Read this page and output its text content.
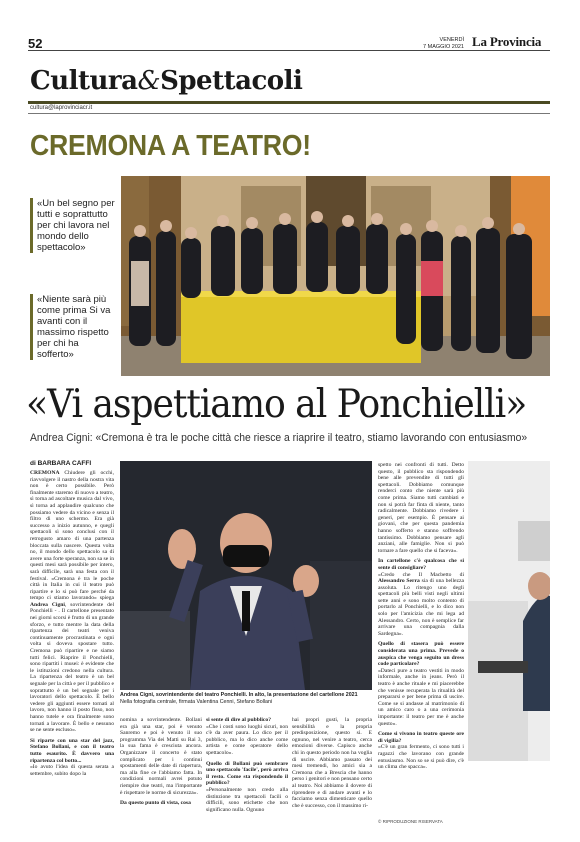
52	VENERDÌ
7 MAGGIO 2021 La Provincia
Cultura&Spettacoli
cultura@laprovinciacr.it
CREMONA A TEATRO!
«Un bel segno per tutti e soprattutto per chi lavora nel mondo dello spettacolo»
«Niente sarà più come prima Si va avanti con il massimo rispetto per chi ha sofferto»
«Vi aspettiamo al Ponchielli»
Andrea Cigni: «Cremona è tra le poche città che riesce a riaprire il teatro, stiamo lavorando con entusiasmo»
di BARBARA CAFFI
CREMONA Chiudere gli occhi, riavvolgere il nastro della nostra vita non è certo possibile. Però finalmente staremo di nuovo a teatro, sì torna ad ascoltare musica dal vivo, sì torna ad applaudire qualcuno che possiamo vedere da vicino e senza il filtro di uno schermo. Era già successo a inizio autunno, e quegli spettacoli sì sono conclusi con il retrogusto amaro di una partenza bloccata sulla nascere. Questa volta no, il mondo dello spettacolo sa di avere una forte speranza, non sa se in questi mesi sarà possibile per intero, sarà difficile, sarà una festa con il festival. «Cremona è tra le poche città in Italia in cui il teatro può ripartire e lo si può fare perché da tempo ci stiamo lavorando» spiega Andrea Cigni, sovrintendente del Ponchielli - . Il cartellone presentato nei giorni scorsi è frutto di un grande sforzo, e tutto mentre la data della ripartenza dei teatri veniva continuamente procrastinata e ogni volta si doveva spostare tutto. Cremona può ripartire e ne siamo tutti felici. Riaprire il Ponchielli, sono ripartiti i musei: è evidente che le istituzioni credono nella cultura. La ripartenza del teatro è un bel segnale per la città e per il pubblico e soprattutto è un bel segnale per i lavoratori dello spettacolo. È bello vedere gli aggiunti essere tornati al lavoro, non hanno il posto fisso, non hanno tutele e ora finalmente sono tornati a lavorare. È bello e nessuno se ne sente escluso».
Si riparte con una star del jazz, Stefano Bollani, e con il teatro tutto esaurito. È davvero una ripartenza col botto...
«Io avuto l'idea di questa serata a settembre, subito dopo la
Andrea Cigni, sovrintendente del teatro Ponchielli. In alto, la presentazione del cartellone 2021
Nella fotografia centrale, firmata Valentina Cenni, Stefano Bollani
nomina a sovrintendente. Bollani era già una star, poi è venuto Sanremo e poi è venuto il suo programma Via dei Matti su Rai 3, la sua fama è cresciuta ancora. Organizzare il concerto è stato complicato per i continui spostamenti delle date di riapertura, ma alla fine ce l'abbiamo fatta. In condizioni normali avrei potuto riempire due teatri, ma l'importante è rispettare le norme di sicurezza».
Da questo punto di vista, cosa
si sente di dire al pubblico?
«Che i costi sono luoghi sicuri, non c'è da aver paura. Lo dico per il pubblico, ma lo dico anche come artista e come operatore dello spettacolo».
Quello di Bollani può sembrare uno spettacolo 'facile', però arriva il resto. Come sta rispondendo il pubblico?
«Personalmente non credo alla distinzione tra spettacoli facili o difficili, sono etichette che non significano nulla. Ognuno
hai propri gusti, la propria sensibilità e la propria predisposizione, questo sì. E ognuno, nel venire a teatro, cerca emozioni diverse. Capisco anche chi in questo periodo non ha voglia di uscire. Abbiamo passato dei mesi tremendi, ho amici sia a Cremona che a Brescia che hanno perso i genitori e non pensano certo al teatro. Noi abbiamo il dovere di riprendere e di andare avanti e lo facciamo senza dimenticare quello che è successo, con il massimo ri-
spetto nei confronti di tutti. Detto questo, il pubblico sta rispondendo bene alle prevendite di tutti gli spettacoli. Dobbiamo comunque renderci conto che niente sarà più come prima. Siamo tutti cambiati e non si potrà far finta di niente, tanto radicalmente. Dobbiamo rivedere i generi, per esempio. È pensare ai giovani, che per questa pandemia hanno sofferto e stanno soffrendo tantissimo. Dobbiamo pensare agli anziani, alle famiglie. Non si può tornare a fare quello che si faceva».
In cartellone c'è qualcosa che si sente di consigliare?
«Credo che Il Macbetto di Alessandro Serra sia di una bellezza assoluta. Lo ritengo uno degli spettacoli più belli visti negli ultimi sette anni e sono molto contento di portarlo al Ponchielli, e lo dico non solo per l'amicizia che mi lega ad Alessandro. Certo, non è semplice far arrivare una compagnia dalla Sardegna».
Quello di stasera può essere considerata una prima. Prevede o auspica che venga seguito un dress code particolare?
«Dateci pure a teatro vestiti in modo informale, anche in jeans. Però il teatro è anche rituale e mi piacerebbe che venisse recuperata la ritualità del prepararsi e per bene prima di uscire. Come se si andasse al matrimonio di un amico caro o a una cerimonia importante: il teatro per me è anche questo».
Come si vivono in teatro queste ore di vigilia?
«C'è un gran fermento, ci sono tutti i ragazzi che lavorano con grande entusiasmo. Non so se si può dire, c'è un clima che spacca».
© RIPRODUZIONE RISERVATA
